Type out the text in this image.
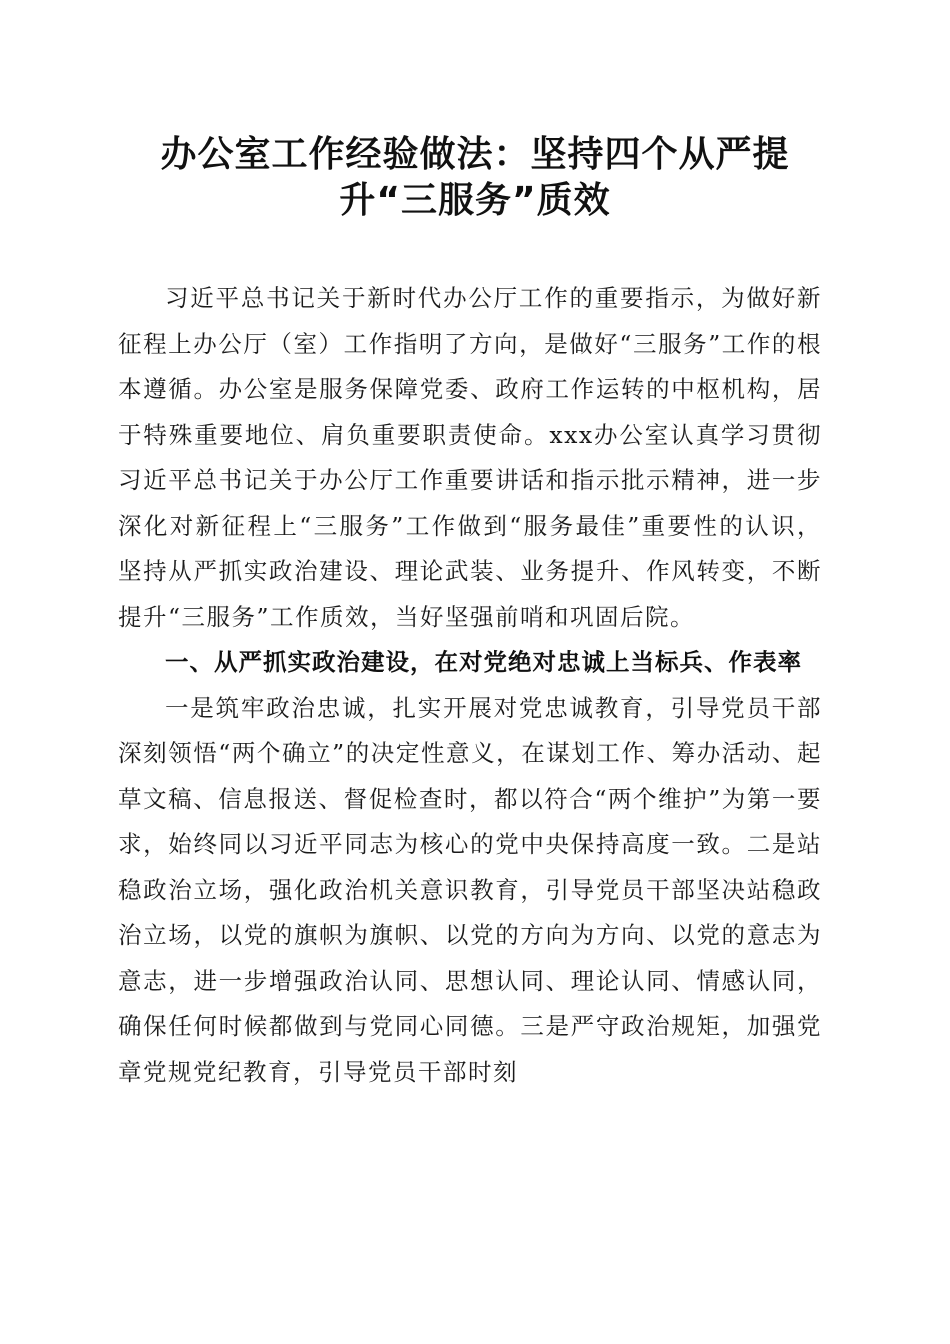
办公室工作经验做法：坚持四个从严提升“三服务”质效

习近平总书记关于新时代办公厅工作的重要指示，为做好新征程上办公厅（室）工作指明了方向，是做好“三服务”工作的根本遵循。办公室是服务保障党委、政府工作运转的中枢机构，居于特殊重要地位、肩负重要职责使命。xxx办公室认真学习贯彻习近平总书记关于办公厅工作重要讲话和指示批示精神，进一步深化对新征程上“三服务”工作做到“服务最佳”重要性的认识，坚持从严抓实政治建设、理论武装、业务提升、作风转变，不断提升“三服务”工作质效，当好坚强前哨和巩固后院。

一、从严抓实政治建设，在对党绝对忠诚上当标兵、作表率

一是筑牢政治忠诚，扎实开展对党忠诚教育，引导党员干部深刻领悟“两个确立”的决定性意义，在谋划工作、筹办活动、起草文稿、信息报送、督促检查时，都以符合“两个维护”为第一要求，始终同以习近平同志为核心的党中央保持高度一致。二是站稳政治立场，强化政治机关意识教育，引导党员干部坚决站稳政治立场，以党的旗帜为旗帜、以党的方向为方向、以党的意志为意志，进一步增强政治认同、思想认同、理论认同、情感认同，确保任何时候都做到与党同心同德。三是严守政治规矩，加强党章党规党纪教育，引导党员干部时刻
